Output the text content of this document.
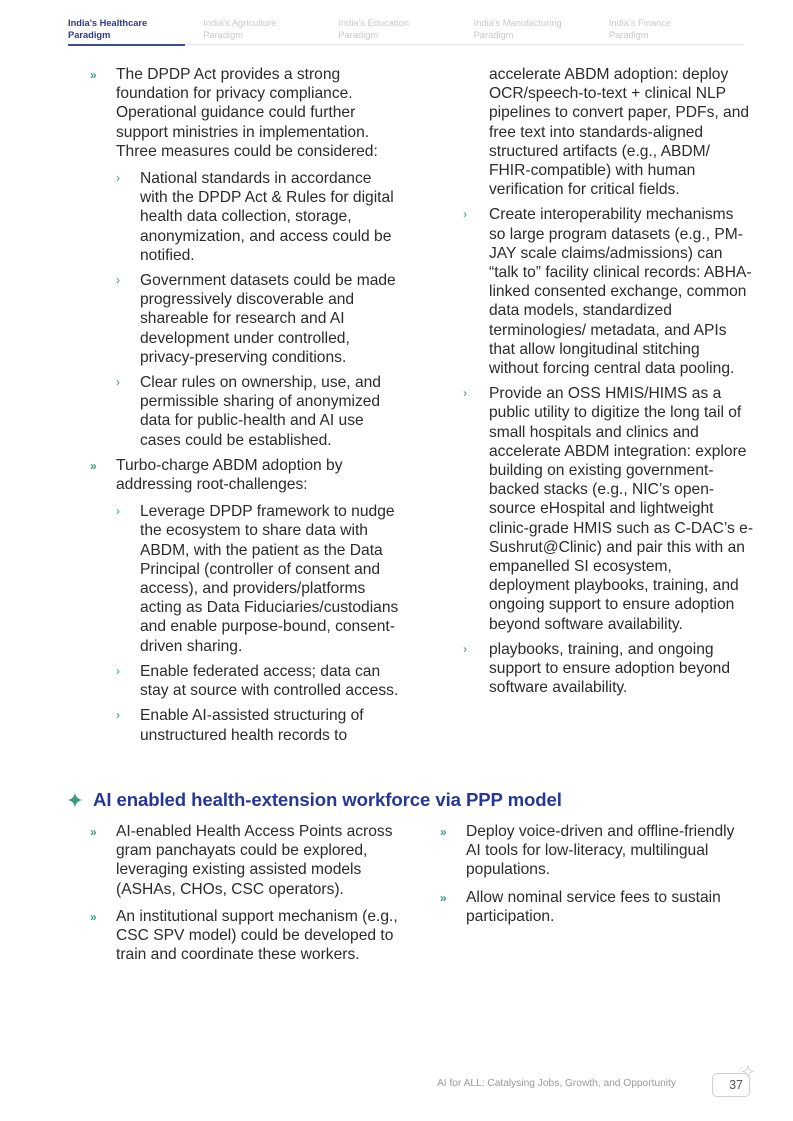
India's Healthcare
Paradigm
India's Agriculture
Paradigm
India's Education
Paradigm
India's Manufacturing
Paradigm
India's Finance
Paradigm
» The DPDP Act provides a strong foundation for privacy compliance. Operational guidance could further support ministries in implementation. Three measures could be considered:
› National standards in accordance with the DPDP Act & Rules for digital health data collection, storage, anonymization, and access could be notified.
› Government datasets could be made progressively discoverable and shareable for research and AI development under controlled, privacy-preserving conditions.
› Clear rules on ownership, use, and permissible sharing of anonymized data for public-health and AI use cases could be established.
» Turbo-charge ABDM adoption by addressing root-challenges:
› Leverage DPDP framework to nudge the ecosystem to share data with ABDM, with the patient as the Data Principal (controller of consent and access), and providers/platforms acting as Data Fiduciaries/custodians and enable purpose-bound, consent-driven sharing.
› Enable federated access; data can stay at source with controlled access.
› Enable AI-assisted structuring of unstructured health records to
accelerate ABDM adoption: deploy OCR/speech-to-text + clinical NLP pipelines to convert paper, PDFs, and free text into standards-aligned structured artifacts (e.g., ABDM/ FHIR-compatible) with human verification for critical fields.
› Create interoperability mechanisms so large program datasets (e.g., PM-JAY scale claims/admissions) can “talk to” facility clinical records: ABHA-linked consented exchange, common data models, standardized terminologies/ metadata, and APIs that allow longitudinal stitching without forcing central data pooling.
› Provide an OSS HMIS/HIMS as a public utility to digitize the long tail of small hospitals and clinics and accelerate ABDM integration: explore building on existing government-backed stacks (e.g., NIC’s open-source eHospital and lightweight clinic-grade HMIS such as C-DAC’s e-Sushrut@Clinic) and pair this with an empanelled SI ecosystem, deployment playbooks, training, and ongoing support to ensure adoption beyond software availability.
› playbooks, training, and ongoing support to ensure adoption beyond software availability.
AI enabled health-extension workforce via PPP model
» AI-enabled Health Access Points across gram panchayats could be explored, leveraging existing assisted models (ASHAs, CHOs, CSC operators).
» An institutional support mechanism (e.g., CSC SPV model) could be developed to train and coordinate these workers.
» Deploy voice-driven and offline-friendly AI tools for low-literacy, multilingual populations.
» Allow nominal service fees to sustain participation.
AI for ALL: Catalysing Jobs, Growth, and Opportunity	37
